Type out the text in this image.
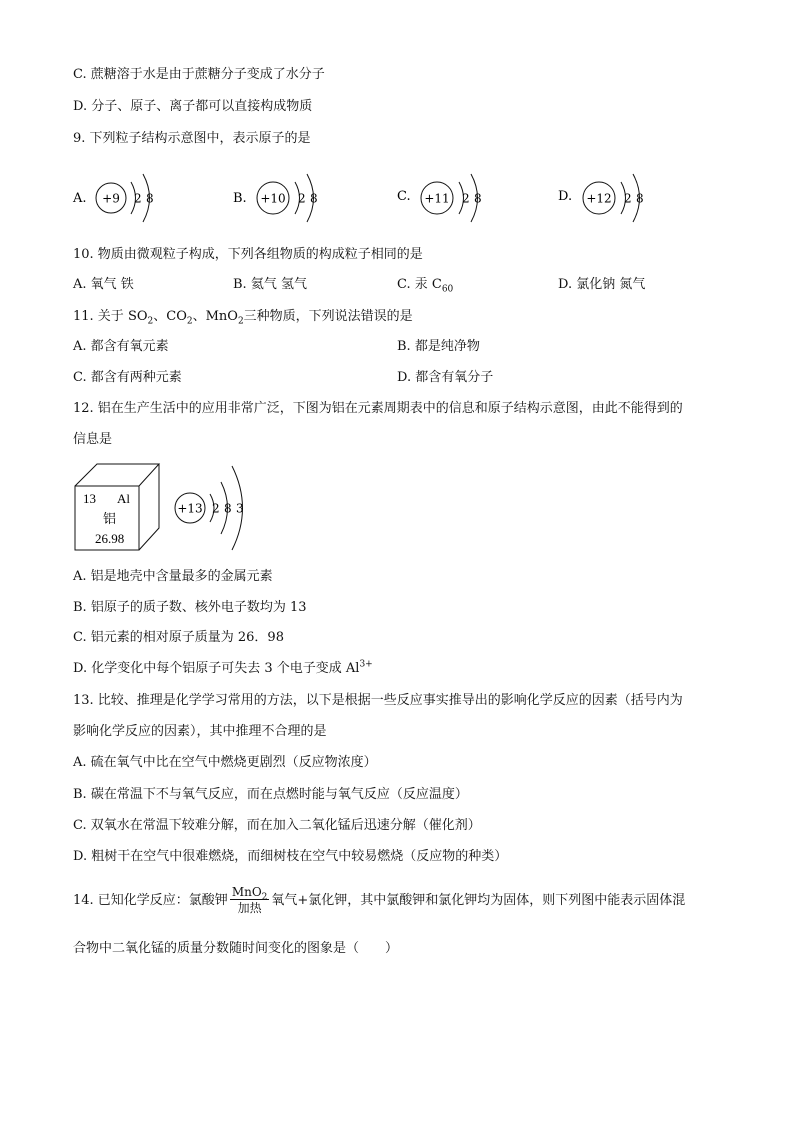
C. 蔗糖溶于水是由于蔗糖分子变成了水分子
D. 分子、原子、离子都可以直接构成物质
9. 下列粒子结构示意图中，表示原子的是
A. +9 2 8	B. +10 2 8	C. +11 2 8	D. +12 2 8
10. 物质由微观粒子构成，下列各组物质的构成粒子相同的是
A. 氧气 铁	B. 氦气 氢气	C. 汞 $C_{60}$	D. 氯化钠 氮气
11. 关于 $SO_2$、$CO_2$、MnO$_2$三种物质，下列说法错误的是
A. 都含有氧元素	B. 都是纯净物
C. 都含有两种元素	D. 都含有氧分子
12. 铝在生产生活中的应用非常广泛，下图为铝在元素周期表中的信息和原子结构示意图，由此不能得到的
信息是
13 Al
铝
26.98
+13 2 8 3
A. 铝是地壳中含量最多的金属元素
B. 铝原子的质子数、核外电子数均为 13
C. 铝元素的相对原子质量为 26．98
D. 化学变化中每个铝原子可失去 3 个电子变成 $Al^{3+}$
13. 比较、推理是化学学习常用的方法，以下是根据一些反应事实推导出的影响化学反应的因素（括号内为
影响化学反应的因素），其中推理不合理的是
A. 硫在氧气中比在空气中燃烧更剧烈（反应物浓度）
B. 碳在常温下不与氧气反应，而在点燃时能与氧气反应（反应温度）
C. 双氧水在常温下较难分解，而在加入二氧化锰后迅速分解（催化剂）
D. 粗树干在空气中很难燃烧，而细树枝在空气中较易燃烧（反应物的种类）
14. 已知化学反应：氯酸钾 $\frac{MnO_2}{\text{加热}}$ 氧气+氯化钾，其中氯酸钾和氯化钾均为固体，则下列图中能表示固体混
合物中二氧化锰的质量分数随时间变化的图象是（　　）
